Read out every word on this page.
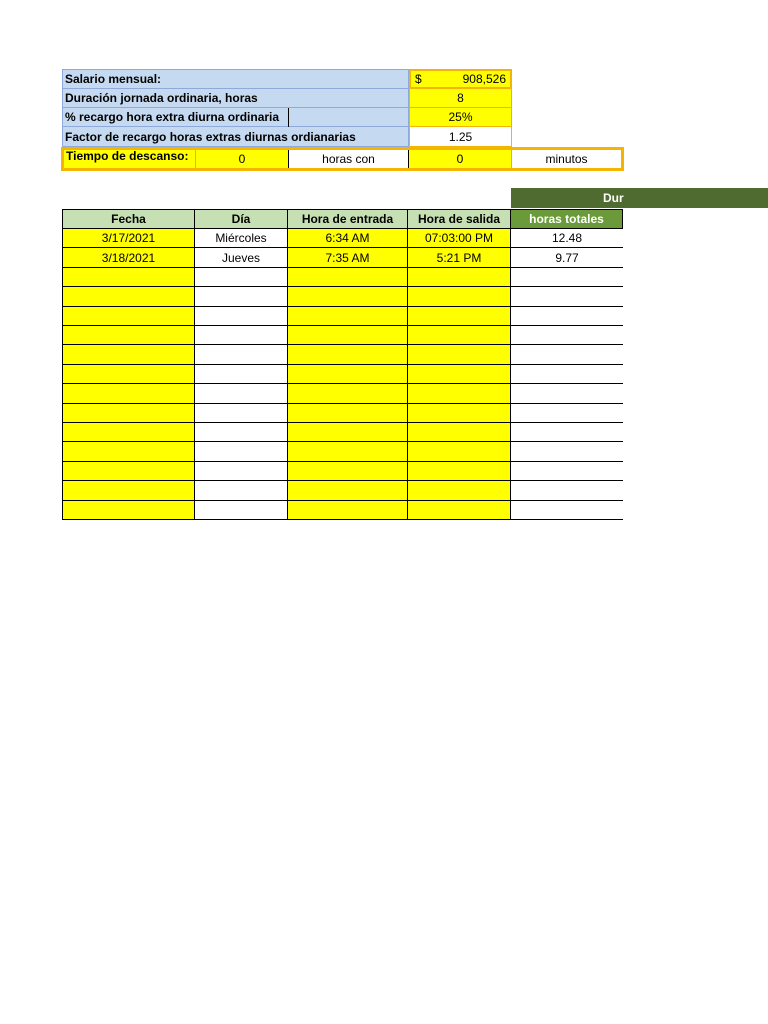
Salario mensual:	$	908,526
Duración jornada ordinaria, horas	8
% recargo hora extra diurna ordinaria	25%
Factor de recargo horas extras diurnas ordianarias	1.25
Tiempo de descanso:	0	horas con	0	minutos
Dur
Fecha	Día	Hora de entrada	Hora de salida	horas totales
3/17/2021	Miércoles	6:34 AM	07:03:00 PM	12.48
3/18/2021	Jueves	7:35 AM	5:21 PM	9.77
